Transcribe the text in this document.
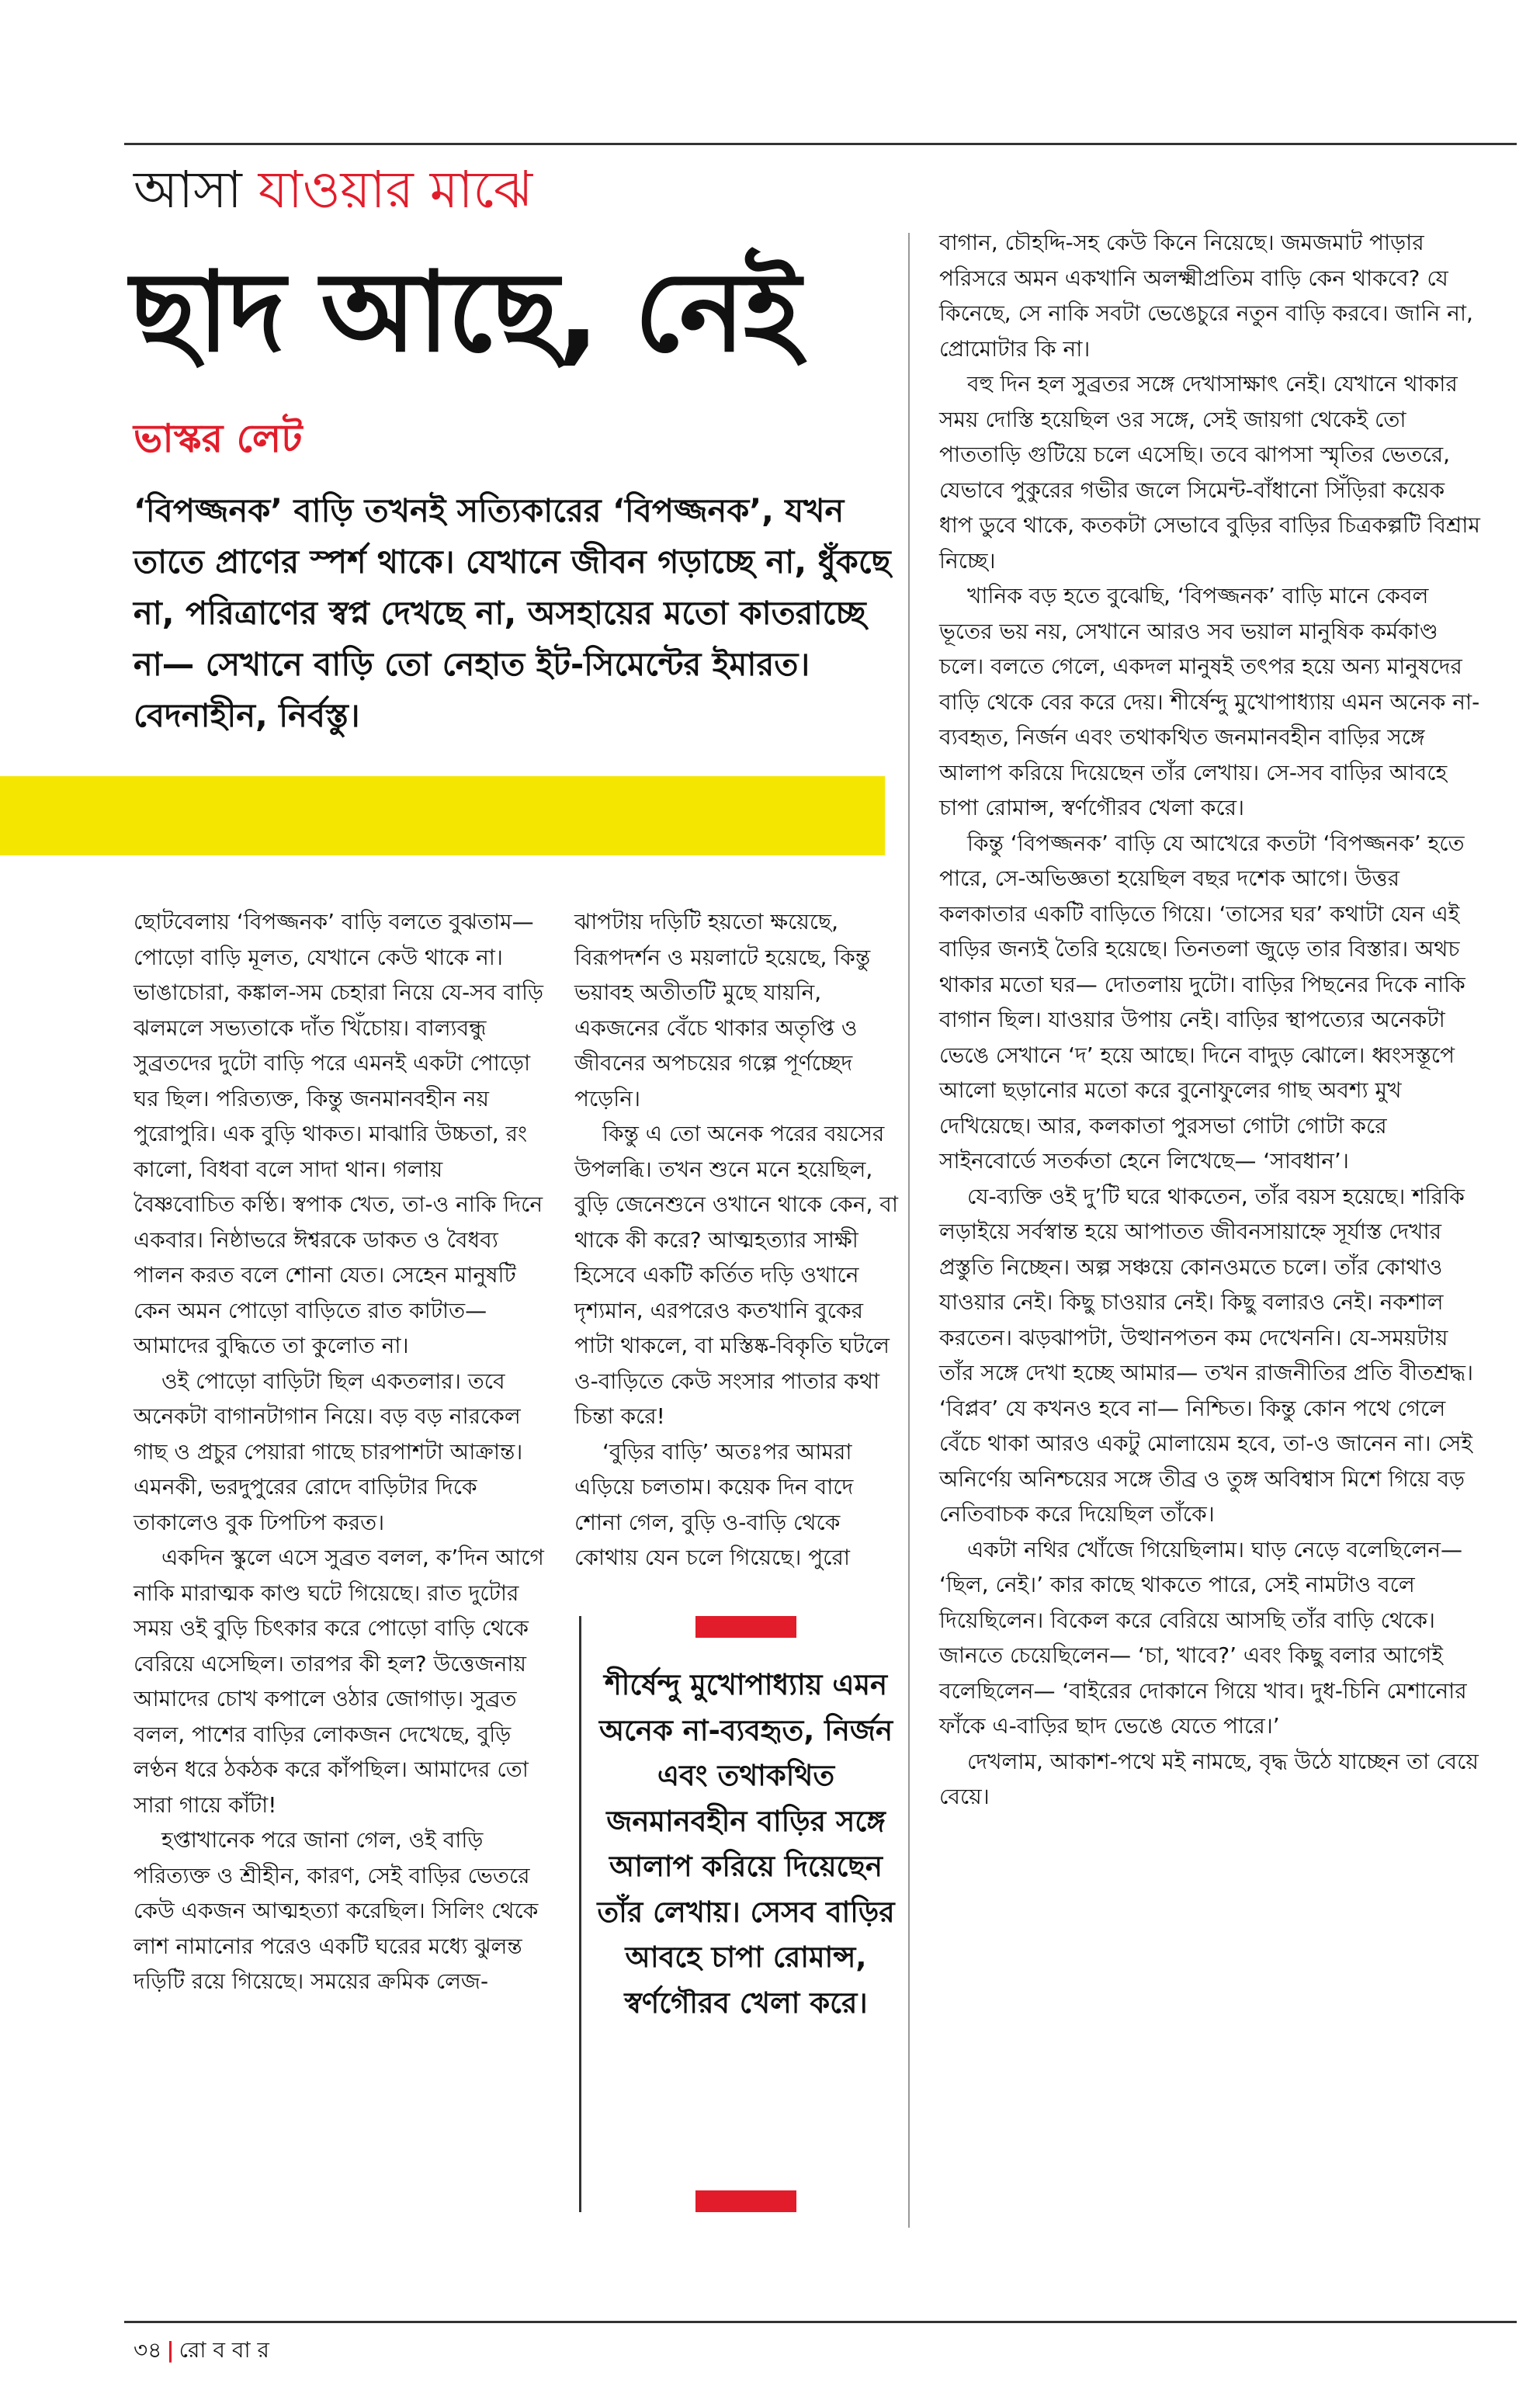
আসা যাওয়ার মাঝে
ছাদ আছে, নেই
ভাস্কর লেট

‘বিপজ্জনক’ বাড়ি তখনই সত্যিকারের ‘বিপজ্জনক’, যখন তাতে প্রাণের স্পর্শ থাকে। যেখানে জীবন গড়াচ্ছে না, ধুঁকছে না, পরিত্রাণের স্বপ্ন দেখছে না, অসহায়ের মতো কাতরাচ্ছে না— সেখানে বাড়ি তো নেহাত ইট-সিমেন্টের ইমারত। বেদনাহীন, নির্বস্তু।

ছোটবেলায় ‘বিপজ্জনক’ বাড়ি বলতে বুঝতাম— পোড়ো বাড়ি মূলত, যেখানে কেউ থাকে না। ভাঙাচোরা, কঙ্কাল-সম চেহারা নিয়ে যে-সব বাড়ি ঝলমলে সভ্যতাকে দাঁত খিঁচোয়। বাল্যবন্ধু সুব্রতদের দুটো বাড়ি পরে এমনই একটা পোড়ো ঘর ছিল। পরিত্যক্ত, কিন্তু জনমানবহীন নয় পুরোপুরি। এক বুড়ি থাকত। মাঝারি উচ্চতা, রং কালো, বিধবা বলে সাদা থান। গলায় বৈষ্ণবোচিত কণ্ঠি। স্বপাক খেত, তা-ও নাকি দিনে একবার। নিষ্ঠাভরে ঈশ্বরকে ডাকত ও বৈধব্য পালন করত বলে শোনা যেত। সেহেন মানুষটি কেন অমন পোড়ো বাড়িতে রাত কাটাত— আমাদের বুদ্ধিতে তা কুলোত না।

ওই পোড়ো বাড়িটা ছিল একতলার। তবে অনেকটা বাগানটাগান নিয়ে। বড় বড় নারকেল গাছ ও প্রচুর পেয়ারা গাছে চারপাশটা আক্রান্ত। এমনকী, ভরদুপুরের রোদে বাড়িটার দিকে তাকালেও বুক ঢিপঢিপ করত।

একদিন স্কুলে এসে সুব্রত বলল, ক’দিন আগে নাকি মারাত্মক কাণ্ড ঘটে গিয়েছে। রাত দুটোর সময় ওই বুড়ি চিৎকার করে পোড়ো বাড়ি থেকে বেরিয়ে এসেছিল। তারপর কী হল? উত্তেজনায় আমাদের চোখ কপালে ওঠার জোগাড়। সুব্রত বলল, পাশের বাড়ির লোকজন দেখেছে, বুড়ি লণ্ঠন ধরে ঠকঠক করে কাঁপছিল। আমাদের তো সারা গায়ে কাঁটা!

হপ্তাখানেক পরে জানা গেল, ওই বাড়ি পরিত্যক্ত ও শ্রীহীন, কারণ, সেই বাড়ির ভেতরে কেউ একজন আত্মহত্যা করেছিল। সিলিং থেকে লাশ নামানোর পরেও একটি ঘরের মধ্যে ঝুলন্ত দড়িটি রয়ে গিয়েছে। সময়ের ক্রমিক লেজ-

ঝাপটায় দড়িটি হয়তো ক্ষয়েছে, বিরূপদর্শন ও ময়লাটে হয়েছে, কিন্তু ভয়াবহ অতীতটি মুছে যায়নি, একজনের বেঁচে থাকার অতৃপ্তি ও জীবনের অপচয়ের গল্পে পূর্ণচ্ছেদ পড়েনি।

কিন্তু এ তো অনেক পরের বয়সের উপলব্ধি। তখন শুনে মনে হয়েছিল, বুড়ি জেনেশুনে ওখানে থাকে কেন, বা থাকে কী করে? আত্মহত্যার সাক্ষী হিসেবে একটি কর্তিত দড়ি ওখানে দৃশ্যমান, এরপরেও কতখানি বুকের পাটা থাকলে, বা মস্তিষ্ক-বিকৃতি ঘটলে ও-বাড়িতে কেউ সংসার পাতার কথা চিন্তা করে!

‘বুড়ির বাড়ি’ অতঃপর আমরা এড়িয়ে চলতাম। কয়েক দিন বাদে শোনা গেল, বুড়ি ও-বাড়ি থেকে কোথায় যেন চলে গিয়েছে। পুরো

শীর্ষেন্দু মুখোপাধ্যায় এমন অনেক না-ব্যবহৃত, নির্জন এবং তথাকথিত জনমানবহীন বাড়ির সঙ্গে আলাপ করিয়ে দিয়েছেন তাঁর লেখায়। সেসব বাড়ির আবহে চাপা রোমান্স, স্বর্ণগৌরব খেলা করে।

বাগান, চৌহদ্দি-সহ কেউ কিনে নিয়েছে। জমজমাট পাড়ার পরিসরে অমন একখানি অলক্ষ্মীপ্রতিম বাড়ি কেন থাকবে? যে কিনেছে, সে নাকি সবটা ভেঙেচুরে নতুন বাড়ি করবে। জানি না, প্রোমোটার কি না।

বহু দিন হল সুব্রতর সঙ্গে দেখাসাক্ষাৎ নেই। যেখানে থাকার সময় দোস্তি হয়েছিল ওর সঙ্গে, সেই জায়গা থেকেই তো পাততাড়ি গুটিয়ে চলে এসেছি। তবে ঝাপসা স্মৃতির ভেতরে, যেভাবে পুকুরের গভীর জলে সিমেন্ট-বাঁধানো সিঁড়িরা কয়েক ধাপ ডুবে থাকে, কতকটা সেভাবে বুড়ির বাড়ির চিত্রকল্পটি বিশ্রাম নিচ্ছে।

খানিক বড় হতে বুঝেছি, ‘বিপজ্জনক’ বাড়ি মানে কেবল ভূতের ভয় নয়, সেখানে আরও সব ভয়াল মানুষিক কর্মকাণ্ড চলে। বলতে গেলে, একদল মানুষই তৎপর হয়ে অন্য মানুষদের বাড়ি থেকে বের করে দেয়। শীর্ষেন্দু মুখোপাধ্যায় এমন অনেক না-ব্যবহৃত, নির্জন এবং তথাকথিত জনমানবহীন বাড়ির সঙ্গে আলাপ করিয়ে দিয়েছেন তাঁর লেখায়। সে-সব বাড়ির আবহে চাপা রোমান্স, স্বর্ণগৌরব খেলা করে।

কিন্তু ‘বিপজ্জনক’ বাড়ি যে আখেরে কতটা ‘বিপজ্জনক’ হতে পারে, সে-অভিজ্ঞতা হয়েছিল বছর দশেক আগে। উত্তর কলকাতার একটি বাড়িতে গিয়ে। ‘তাসের ঘর’ কথাটা যেন এই বাড়ির জন্যই তৈরি হয়েছে। তিনতলা জুড়ে তার বিস্তার। অথচ থাকার মতো ঘর— দোতলায় দুটো। বাড়ির পিছনের দিকে নাকি বাগান ছিল। যাওয়ার উপায় নেই। বাড়ির স্থাপত্যের অনেকটা ভেঙে সেখানে ‘দ’ হয়ে আছে। দিনে বাদুড় ঝোলে। ধ্বংসস্তূপে আলো ছড়ানোর মতো করে বুনোফুলের গাছ অবশ্য মুখ দেখিয়েছে। আর, কলকাতা পুরসভা গোটা গোটা করে সাইনবোর্ডে সতর্কতা হেনে লিখেছে— ‘সাবধান’।

যে-ব্যক্তি ওই দু’টি ঘরে থাকতেন, তাঁর বয়স হয়েছে। শরিকি লড়াইয়ে সর্বস্বান্ত হয়ে আপাতত জীবনসায়াহ্নে সূর্যাস্ত দেখার প্রস্তুতি নিচ্ছেন। অল্প সঞ্চয়ে কোনওমতে চলে। তাঁর কোথাও যাওয়ার নেই। কিছু চাওয়ার নেই। কিছু বলারও নেই। নকশাল করতেন। ঝড়ঝাপটা, উত্থানপতন কম দেখেননি। যে-সময়টায় তাঁর সঙ্গে দেখা হচ্ছে আমার— তখন রাজনীতির প্রতি বীতশ্রদ্ধ। ‘বিপ্লব’ যে কখনও হবে না— নিশ্চিত। কিন্তু কোন পথে গেলে বেঁচে থাকা আরও একটু মোলায়েম হবে, তা-ও জানেন না। সেই অনির্ণেয় অনিশ্চয়ের সঙ্গে তীব্র ও তুঙ্গ অবিশ্বাস মিশে গিয়ে বড় নেতিবাচক করে দিয়েছিল তাঁকে।

একটা নথির খোঁজে গিয়েছিলাম। ঘাড় নেড়ে বলেছিলেন— ‘ছিল, নেই।’ কার কাছে থাকতে পারে, সেই নামটাও বলে দিয়েছিলেন। বিকেল করে বেরিয়ে আসছি তাঁর বাড়ি থেকে। জানতে চেয়েছিলেন— ‘চা, খাবে?’ এবং কিছু বলার আগেই বলেছিলেন— ‘বাইরের দোকানে গিয়ে খাব। দুধ-চিনি মেশানোর ফাঁকে এ-বাড়ির ছাদ ভেঙে যেতে পারে।’

দেখলাম, আকাশ-পথে মই নামছে, বৃদ্ধ উঠে যাচ্ছেন তা বেয়ে বেয়ে।

৩৪ | রো ব বা র
